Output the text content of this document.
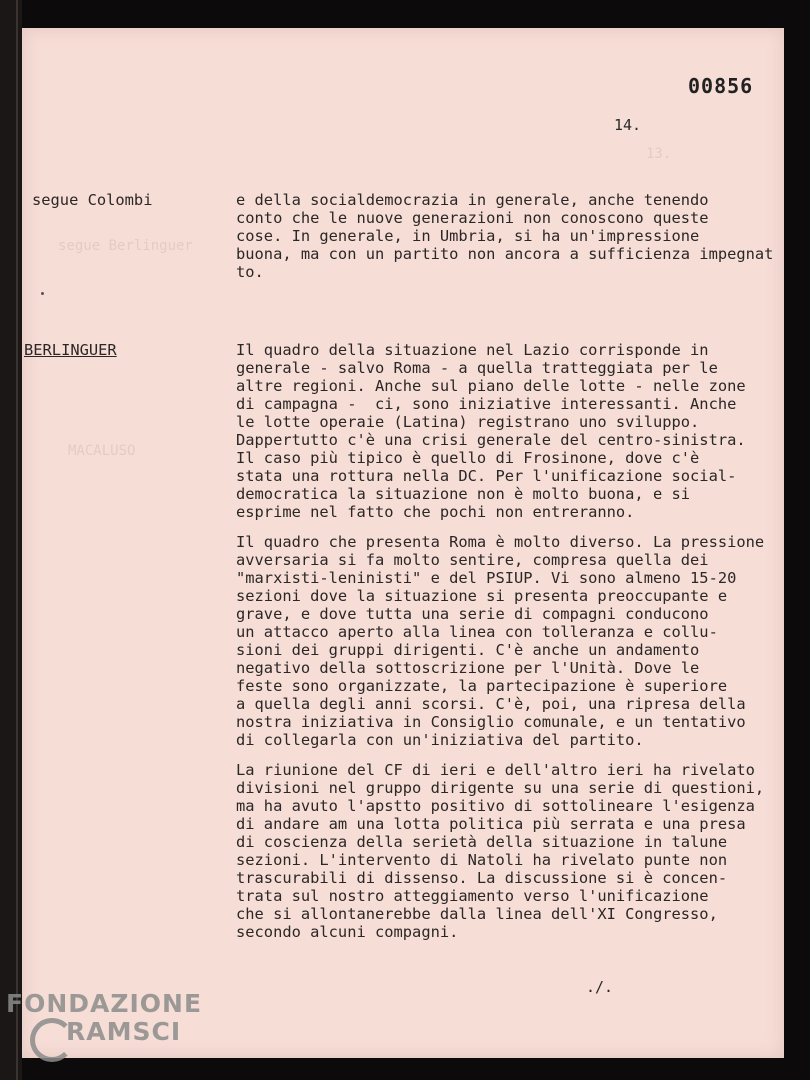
segue Berlinguer
MACALUSO
13.
00856
14.
segue Colombi	e della socialdemocrazia in generale, anche tenendo
conto che le nuove generazioni non conoscono queste
cose. In generale, in Umbria, si ha un'impressione
buona, ma con un partito non ancora a sufficienza impegnat
to.
BERLINGUER	Il quadro della situazione nel Lazio corrisponde in
generale - salvo Roma - a quella tratteggiata per le
altre regioni. Anche sul piano delle lotte - nelle zone
di campagna -  ci, sono iniziative interessanti. Anche
le lotte operaie (Latina) registrano uno sviluppo.
Dappertutto c'è una crisi generale del centro-sinistra.
Il caso più tipico è quello di Frosinone, dove c'è
stata una rottura nella DC. Per l'unificazione social-
democratica la situazione non è molto buona, e si
esprime nel fatto che pochi non entreranno.
Il quadro che presenta Roma è molto diverso. La pressione
avversaria si fa molto sentire, compresa quella dei
"marxisti-leninisti" e del PSIUP. Vi sono almeno 15-20
sezioni dove la situazione si presenta preoccupante e
grave, e dove tutta una serie di compagni conducono
un attacco aperto alla linea con tolleranza e collu-
sioni dei gruppi dirigenti. C'è anche un andamento
negativo della sottoscrizione per l'Unità. Dove le
feste sono organizzate, la partecipazione è superiore
a quella degli anni scorsi. C'è, poi, una ripresa della
nostra iniziativa in Consiglio comunale, e un tentativo
di collegarla con un'iniziativa del partito.
La riunione del CF di ieri e dell'altro ieri ha rivelato
divisioni nel gruppo dirigente su una serie di questioni,
ma ha avuto l'apstto positivo di sottolineare l'esigenza
di andare am una lotta politica più serrata e una presa
di coscienza della serietà della situazione in talune
sezioni. L'intervento di Natoli ha rivelato punte non
trascurabili di dissenso. La discussione si è concen-
trata sul nostro atteggiamento verso l'unificazione
che si allontanerebbe dalla linea dell'XI Congresso,
secondo alcuni compagni.
./.
FONDAZIONE
RAMSCI
